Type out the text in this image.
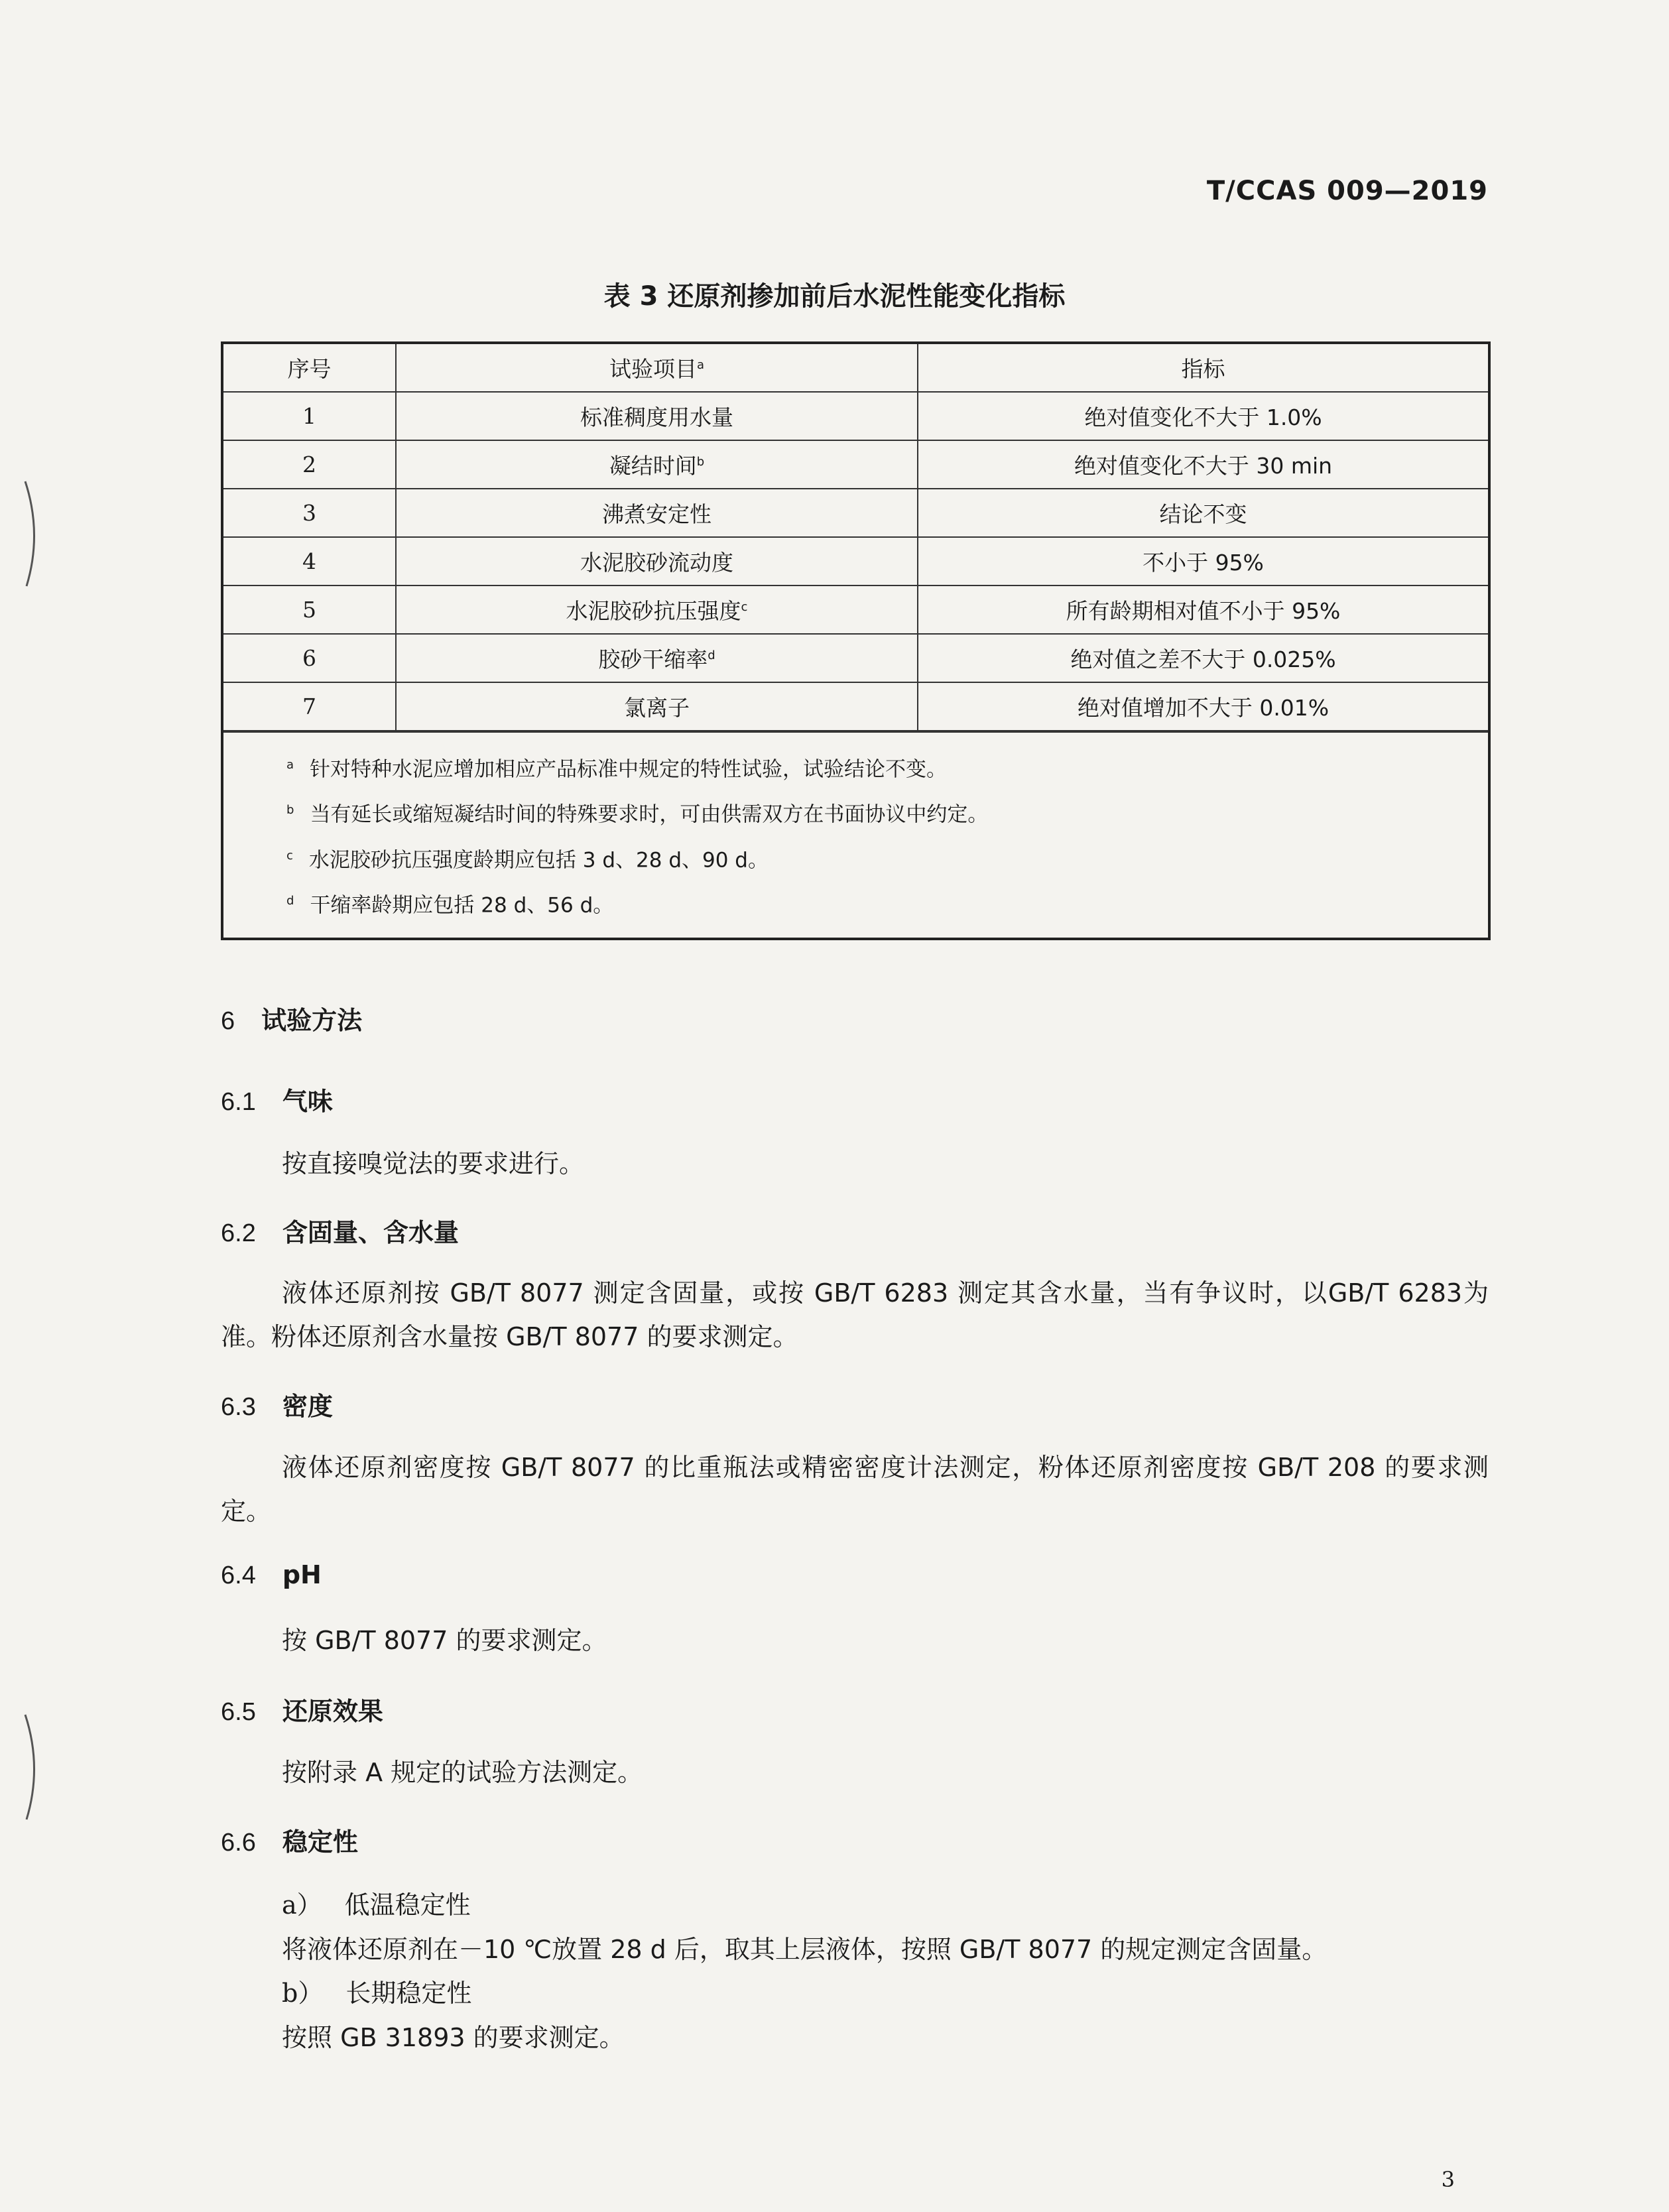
T/CCAS 009—2019
表 3 还原剂掺加前后水泥性能变化指标
序号	试验项目$^a$	指标
1	标准稠度用水量	绝对值变化不大于 1.0%
2	凝结时间$^b$	绝对值变化不大于 30 min
3	沸煮安定性	结论不变
4	水泥胶砂流动度	不小于 95%
5	水泥胶砂抗压强度$^c$	所有龄期相对值不小于 95%
6	胶砂干缩率$^d$	绝对值之差不大于 0.025%
7	氯离子	绝对值增加不大于 0.01%
$^a$ 针对特种水泥应增加相应产品标准中规定的特性试验，试验结论不变。
$^b$ 当有延长或缩短凝结时间的特殊要求时，可由供需双方在书面协议中约定。
$^c$ 水泥胶砂抗压强度龄期应包括 3 d、28 d、90 d。
$^d$ 干缩率龄期应包括 28 d、56 d。
6 试验方法
6.1 气味
按直接嗅觉法的要求进行。
6.2 含固量、含水量
液体还原剂按 GB/T 8077 测定含固量，或按 GB/T 6283 测定其含水量，当有争议时，以GB/T 6283为准。粉体还原剂含水量按 GB/T 8077 的要求测定。
6.3 密度
液体还原剂密度按 GB/T 8077 的比重瓶法或精密密度计法测定，粉体还原剂密度按 GB/T 208 的要求测定。
6.4 pH
按 GB/T 8077 的要求测定。
6.5 还原效果
按附录 A 规定的试验方法测定。
6.6 稳定性
a） 低温稳定性
将液体还原剂在－10 ℃放置 28 d 后，取其上层液体，按照 GB/T 8077 的规定测定含固量。
b） 长期稳定性
按照 GB 31893 的要求测定。
3
